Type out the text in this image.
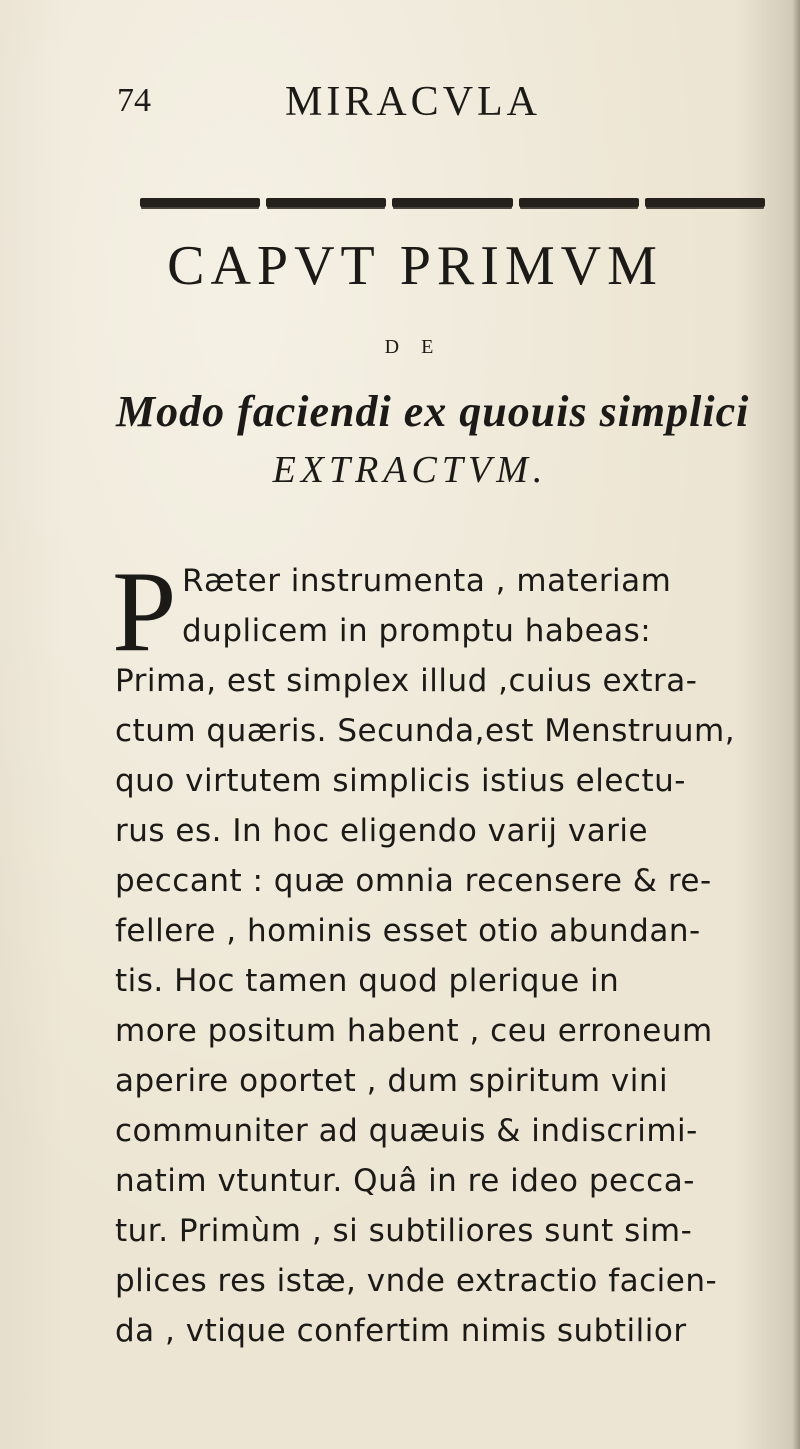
74	MIRACVLA
CAPVT PRIMVM
DE
Modo faciendi ex quouis simplici
EXTRACTVM.
P Ræter instrumenta , materiam
duplicem in promptu habeas:
Prima, est simplex illud ,cuius extra-
ctum quæris. Secunda,est Menstruum,
quo virtutem simplicis istius electu-
rus es. In hoc eligendo varij varie
peccant : quæ omnia recensere & re-
fellere , hominis esset otio abundan-
tis. Hoc tamen quod plerique in
more positum habent , ceu erroneum
aperire oportet , dum spiritum vini
communiter ad quæuis & indiscrimi-
natim vtuntur. Quâ in re ideo pecca-
tur. Primùm , si subtiliores sunt sim-
plices res istæ, vnde extractio facien-
da , vtique confertim nimis subtilior
